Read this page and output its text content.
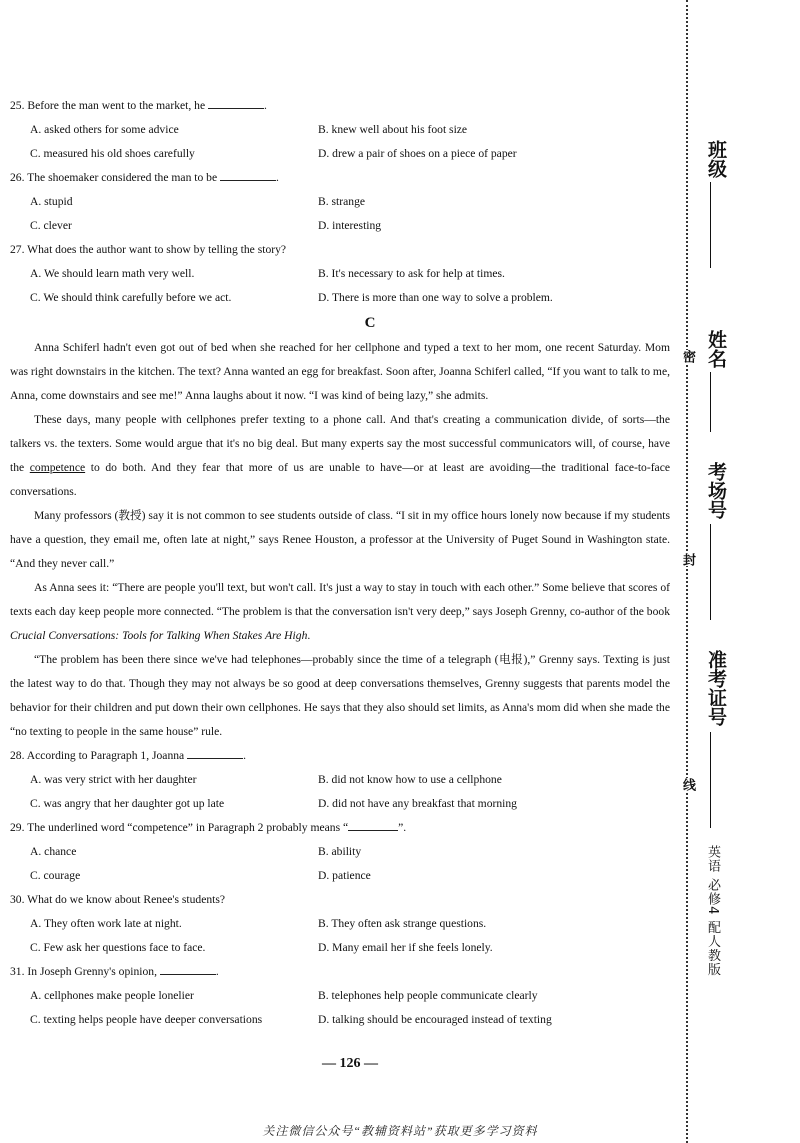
25. Before the man went to the market, he	.
A. asked others for some advice	B. knew well about his foot size
C. measured his old shoes carefully	D. drew a pair of shoes on a piece of paper
26. The shoemaker considered the man to be	.
A. stupid	B. strange
C. clever	D. interesting
27. What does the author want to show by telling the story?
A. We should learn math very well.	B. It's necessary to ask for help at times.
C. We should think carefully before we act.	D. There is more than one way to solve a problem.
C

Anna Schiferl hadn't even got out of bed when she reached for her cellphone and typed a text to her mom, one recent Saturday. Mom was right downstairs in the kitchen. The text? Anna wanted an egg for breakfast. Soon after, Joanna Schiferl called, “If you want to talk to me, Anna, come downstairs and see me!” Anna laughs about it now. “I was kind of being lazy,” she admits.

These days, many people with cellphones prefer texting to a phone call. And that's creating a communication divide, of sorts—the talkers vs. the texters. Some would argue that it's no big deal. But many experts say the most successful communicators will, of course, have the competence to do both. And they fear that more of us are unable to have—or at least are avoiding—the traditional face-to-face conversations.

Many professors (教授) say it is not common to see students outside of class. “I sit in my office hours lonely now because if my students have a question, they email me, often late at night,” says Renee Houston, a professor at the University of Puget Sound in Washington state. “And they never call.”

As Anna sees it: “There are people you'll text, but won't call. It's just a way to stay in touch with each other.” Some believe that scores of texts each day keep people more connected. “The problem is that the conversation isn't very deep,” says Joseph Grenny, co-author of the book Crucial Conversations: Tools for Talking When Stakes Are High.

“The problem has been there since we've had telephones—probably since the time of a telegraph (电报),” Grenny says. Texting is just the latest way to do that. Though they may not always be so good at deep conversations themselves, Grenny suggests that parents model the behavior for their children and put down their own cellphones. He says that they also should set limits, as Anna's mom did when she made the “no texting to people in the same house” rule.

28. According to Paragraph 1, Joanna	.
A. was very strict with her daughter	B. did not know how to use a cellphone
C. was angry that her daughter got up late	D. did not have any breakfast that morning
29. The underlined word “competence” in Paragraph 2 probably means “	”.
A. chance	B. ability
C. courage	D. patience
30. What do we know about Renee's students?
A. They often work late at night.	B. They often ask strange questions.
C. Few ask her questions face to face.	D. Many email her if she feels lonely.
31. In Joseph Grenny's opinion,	.
A. cellphones make people lonelier	B. telephones help people communicate clearly
C. texting helps people have deeper conversations	D. talking should be encouraged instead of texting
— 126 —
关注微信公众号“教辅资料站”获取更多学习资料
班级
姓名
考场号
准考证号
密
封
线
英语 必修4 配人教版
